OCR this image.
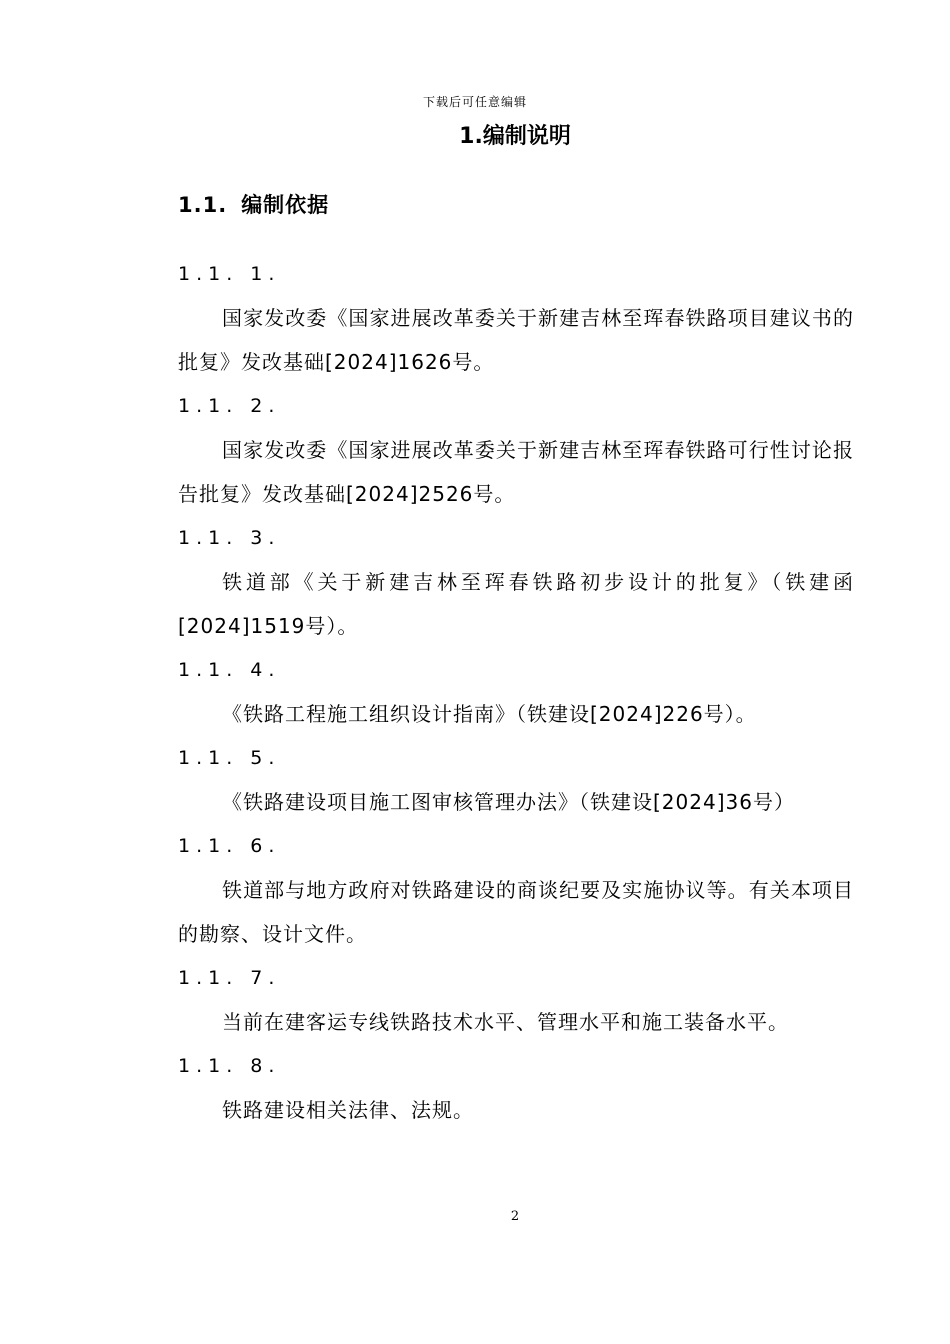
下载后可任意编辑
1.编制说明
1.1. 编制依据
1.1. 1.
国家发改委《国家进展改革委关于新建吉林至珲春铁路项目建议书的批复》发改基础[2024]1626号。
1.1. 2.
国家发改委《国家进展改革委关于新建吉林至珲春铁路可行性讨论报告批复》发改基础[2024]2526号。
1.1. 3.
铁道部《关于新建吉林至珲春铁路初步设计的批复》（铁建函[2024]1519号）。
1.1. 4.
《铁路工程施工组织设计指南》（铁建设[2024]226号）。
1.1. 5.
《铁路建设项目施工图审核管理办法》（铁建设[2024]36号）
1.1. 6.
铁道部与地方政府对铁路建设的商谈纪要及实施协议等。有关本项目的勘察、设计文件。
1.1. 7.
当前在建客运专线铁路技术水平、管理水平和施工装备水平。
1.1. 8.
铁路建设相关法律、法规。
2
